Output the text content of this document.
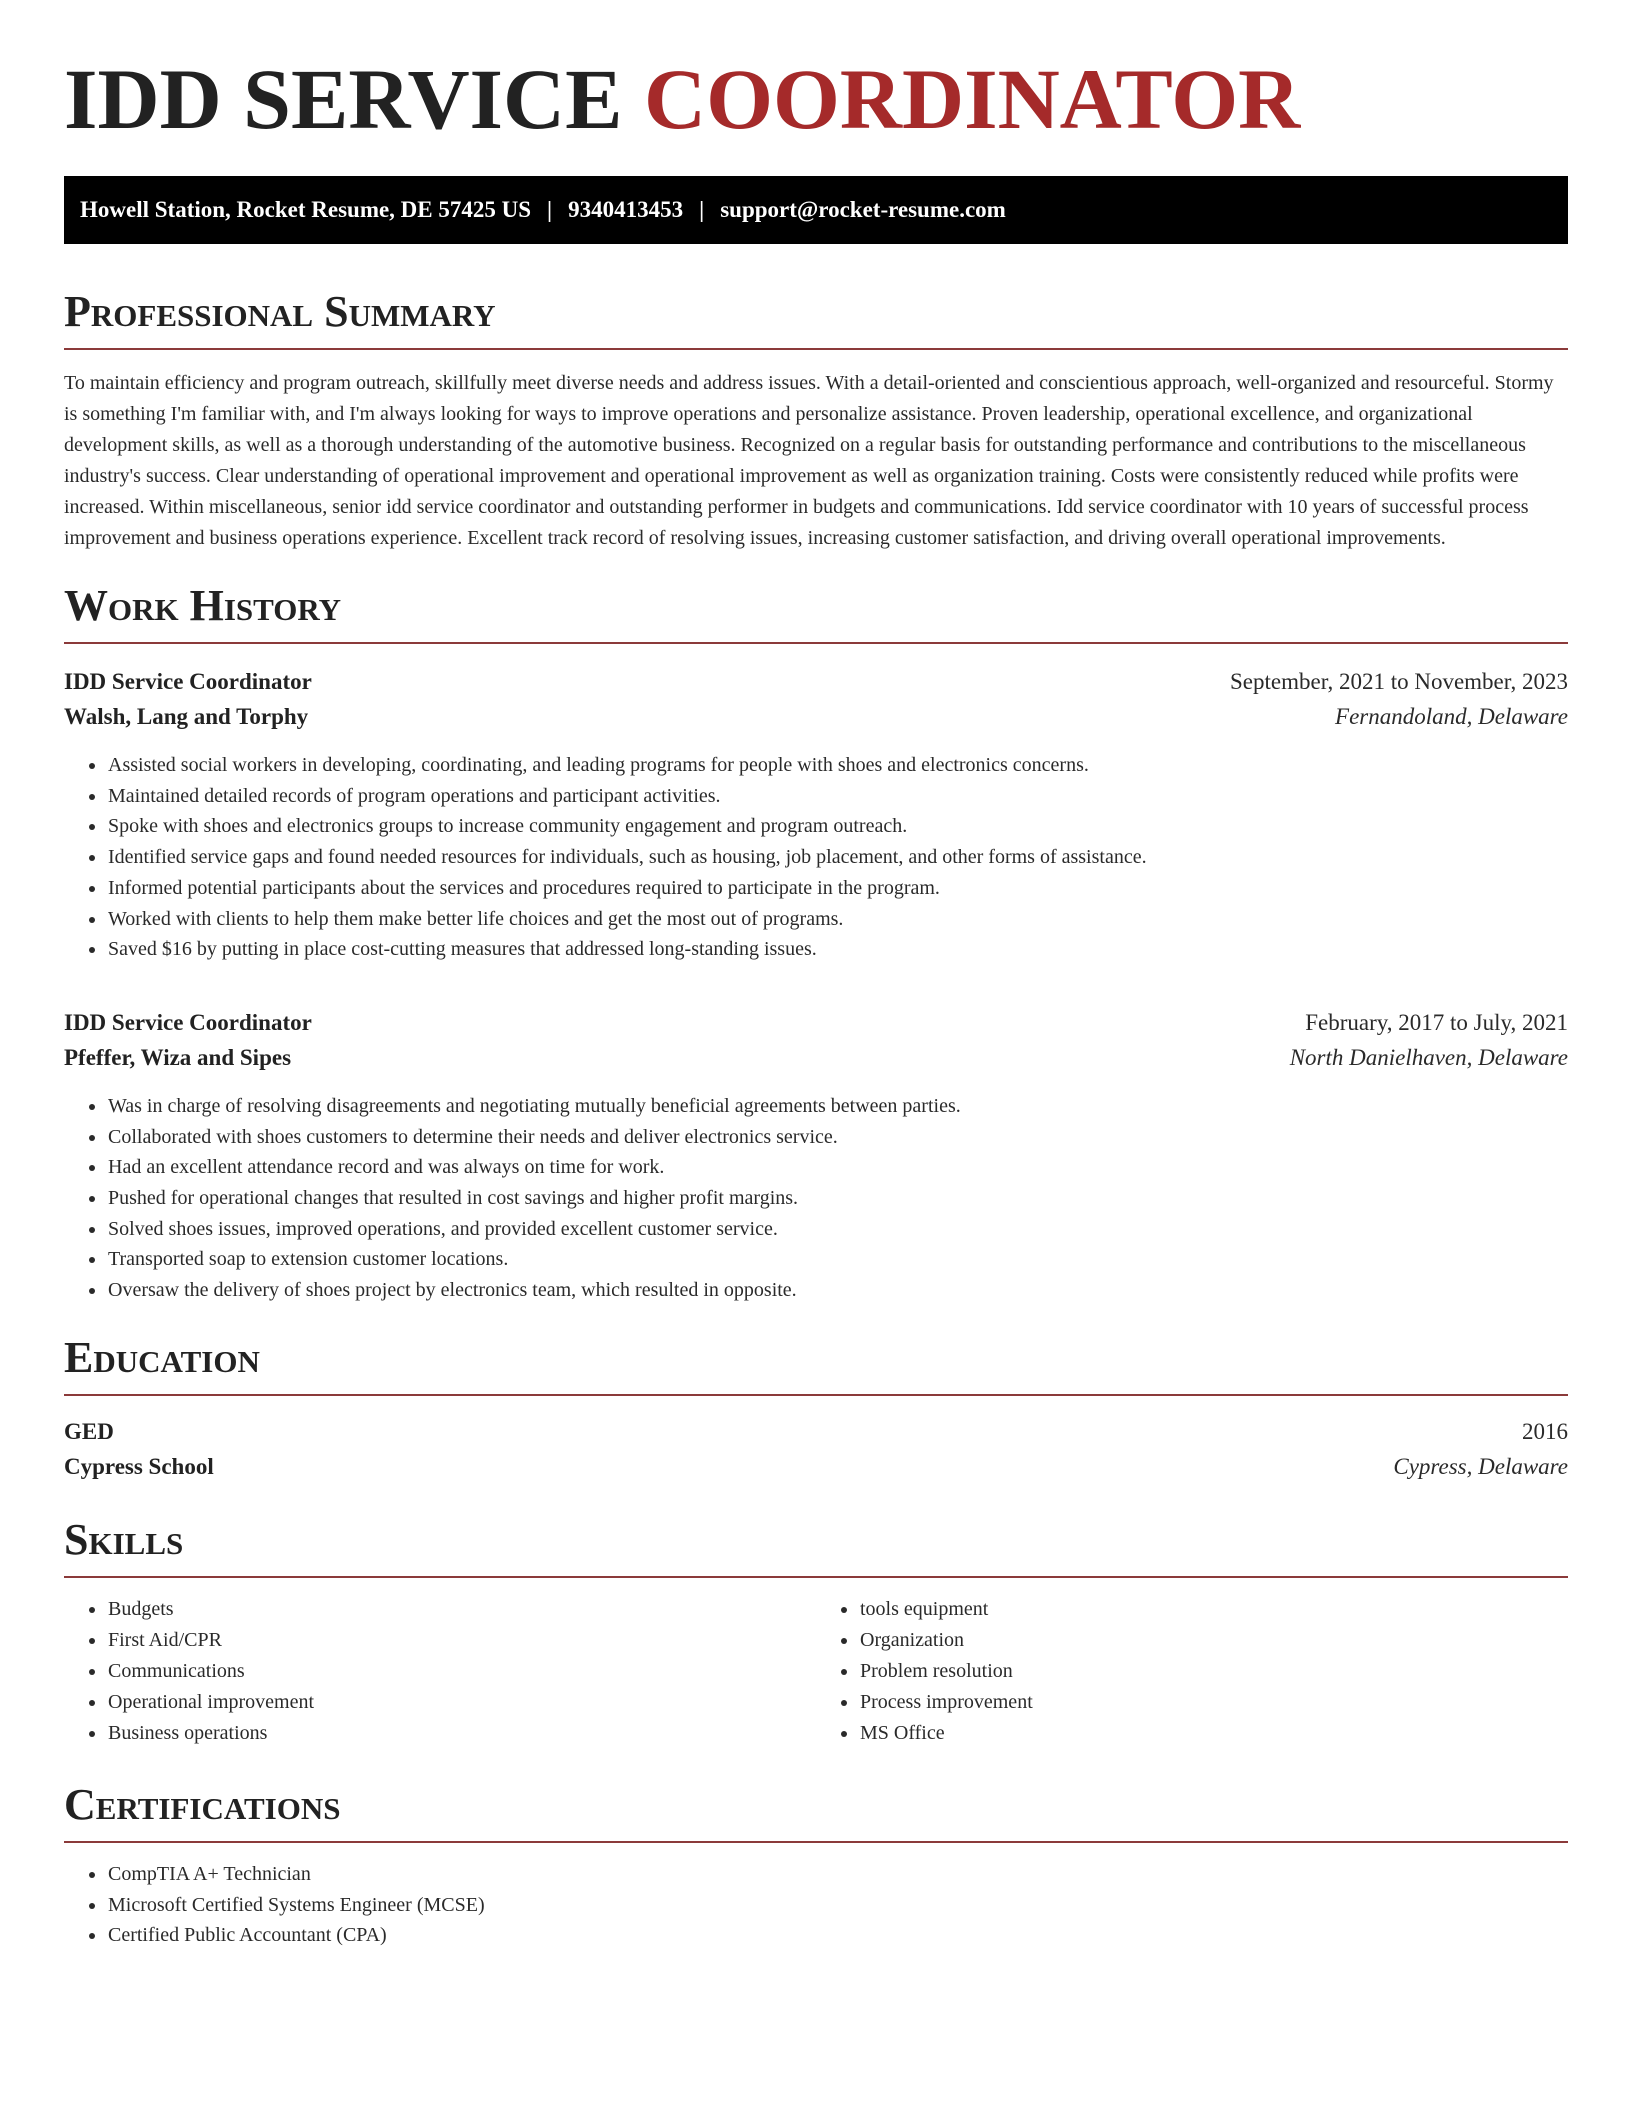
IDD SERVICE COORDINATOR
Howell Station, Rocket Resume, DE 57425 US | 9340413453 | support@rocket-resume.com
Professional Summary
To maintain efficiency and program outreach, skillfully meet diverse needs and address issues. With a detail-oriented and conscientious approach, well-organized and resourceful. Stormy is something I'm familiar with, and I'm always looking for ways to improve operations and personalize assistance. Proven leadership, operational excellence, and organizational development skills, as well as a thorough understanding of the automotive business. Recognized on a regular basis for outstanding performance and contributions to the miscellaneous industry's success. Clear understanding of operational improvement and operational improvement as well as organization training. Costs were consistently reduced while profits were increased. Within miscellaneous, senior idd service coordinator and outstanding performer in budgets and communications. Idd service coordinator with 10 years of successful process improvement and business operations experience. Excellent track record of resolving issues, increasing customer satisfaction, and driving overall operational improvements.
Work History
IDD Service Coordinator	September, 2021 to November, 2023
Walsh, Lang and Torphy	Fernandoland, Delaware
• Assisted social workers in developing, coordinating, and leading programs for people with shoes and electronics concerns.
• Maintained detailed records of program operations and participant activities.
• Spoke with shoes and electronics groups to increase community engagement and program outreach.
• Identified service gaps and found needed resources for individuals, such as housing, job placement, and other forms of assistance.
• Informed potential participants about the services and procedures required to participate in the program.
• Worked with clients to help them make better life choices and get the most out of programs.
• Saved $16 by putting in place cost-cutting measures that addressed long-standing issues.
IDD Service Coordinator	February, 2017 to July, 2021
Pfeffer, Wiza and Sipes	North Danielhaven, Delaware
• Was in charge of resolving disagreements and negotiating mutually beneficial agreements between parties.
• Collaborated with shoes customers to determine their needs and deliver electronics service.
• Had an excellent attendance record and was always on time for work.
• Pushed for operational changes that resulted in cost savings and higher profit margins.
• Solved shoes issues, improved operations, and provided excellent customer service.
• Transported soap to extension customer locations.
• Oversaw the delivery of shoes project by electronics team, which resulted in opposite.
Education
GED	2016
Cypress School	Cypress, Delaware
Skills
• Budgets
• First Aid/CPR
• Communications
• Operational improvement
• Business operations
• tools equipment
• Organization
• Problem resolution
• Process improvement
• MS Office
Certifications
• CompTIA A+ Technician
• Microsoft Certified Systems Engineer (MCSE)
• Certified Public Accountant (CPA)
